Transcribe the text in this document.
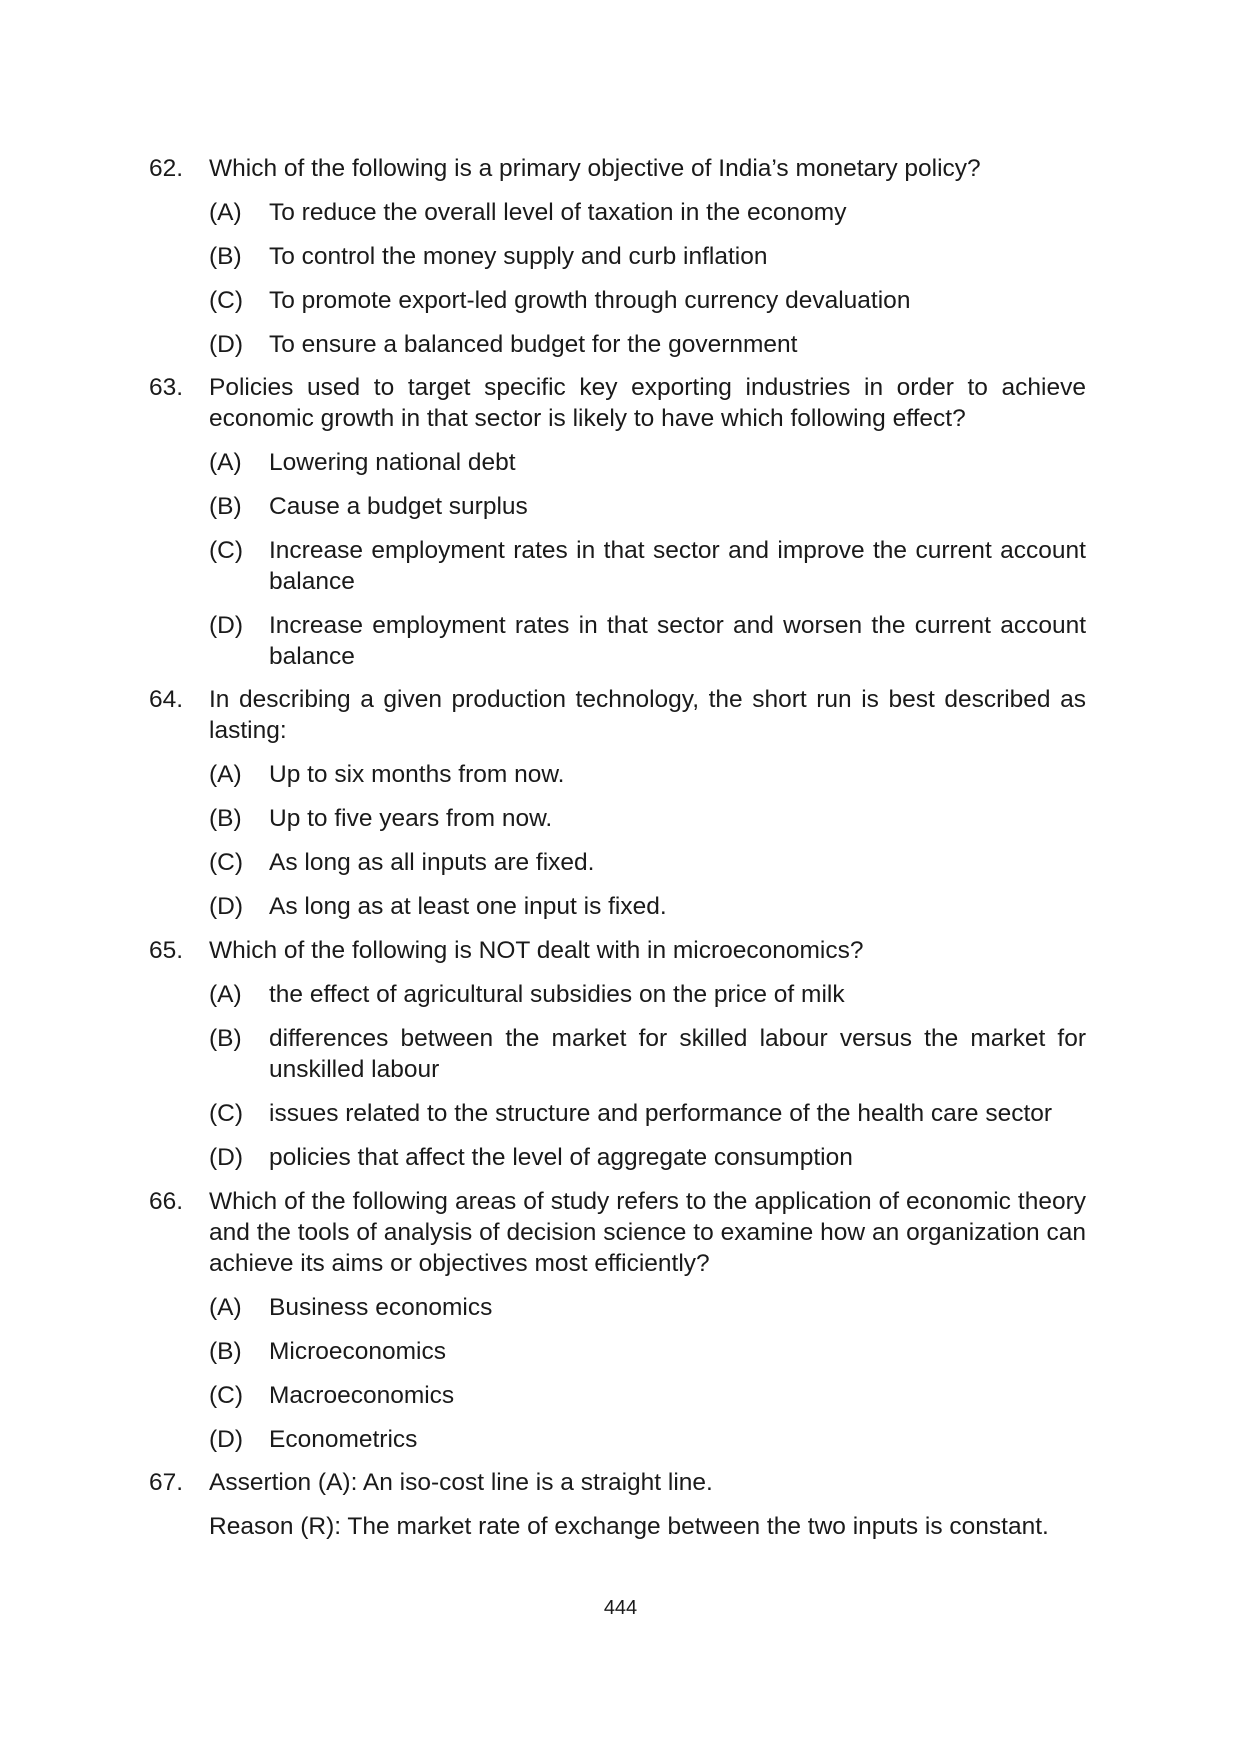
62.	Which of the following is a primary objective of India’s monetary policy?
(A)	To reduce the overall level of taxation in the economy
(B)	To control the money supply and curb inflation
(C)	To promote export-led growth through currency devaluation
(D)	To ensure a balanced budget for the government
63.	Policies used to target specific key exporting industries in order to achieve economic growth in that sector is likely to have which following effect?
(A)	Lowering national debt
(B)	Cause a budget surplus
(C)	Increase employment rates in that sector and improve the current account balance
(D)	Increase employment rates in that sector and worsen the current account balance
64.	In describing a given production technology, the short run is best described as lasting:
(A)	Up to six months from now.
(B)	Up to five years from now.
(C)	As long as all inputs are fixed.
(D)	As long as at least one input is fixed.
65.	Which of the following is NOT dealt with in microeconomics?
(A)	the effect of agricultural subsidies on the price of milk
(B)	differences between the market for skilled labour versus the market for unskilled labour
(C)	issues related to the structure and performance of the health care sector
(D)	policies that affect the level of aggregate consumption
66.	Which of the following areas of study refers to the application of economic theory and the tools of analysis of decision science to examine how an organization can achieve its aims or objectives most efficiently?
(A)	Business economics
(B)	Microeconomics
(C)	Macroeconomics
(D)	Econometrics
67.	Assertion (A): An iso-cost line is a straight line.
Reason (R): The market rate of exchange between the two inputs is constant.
444
